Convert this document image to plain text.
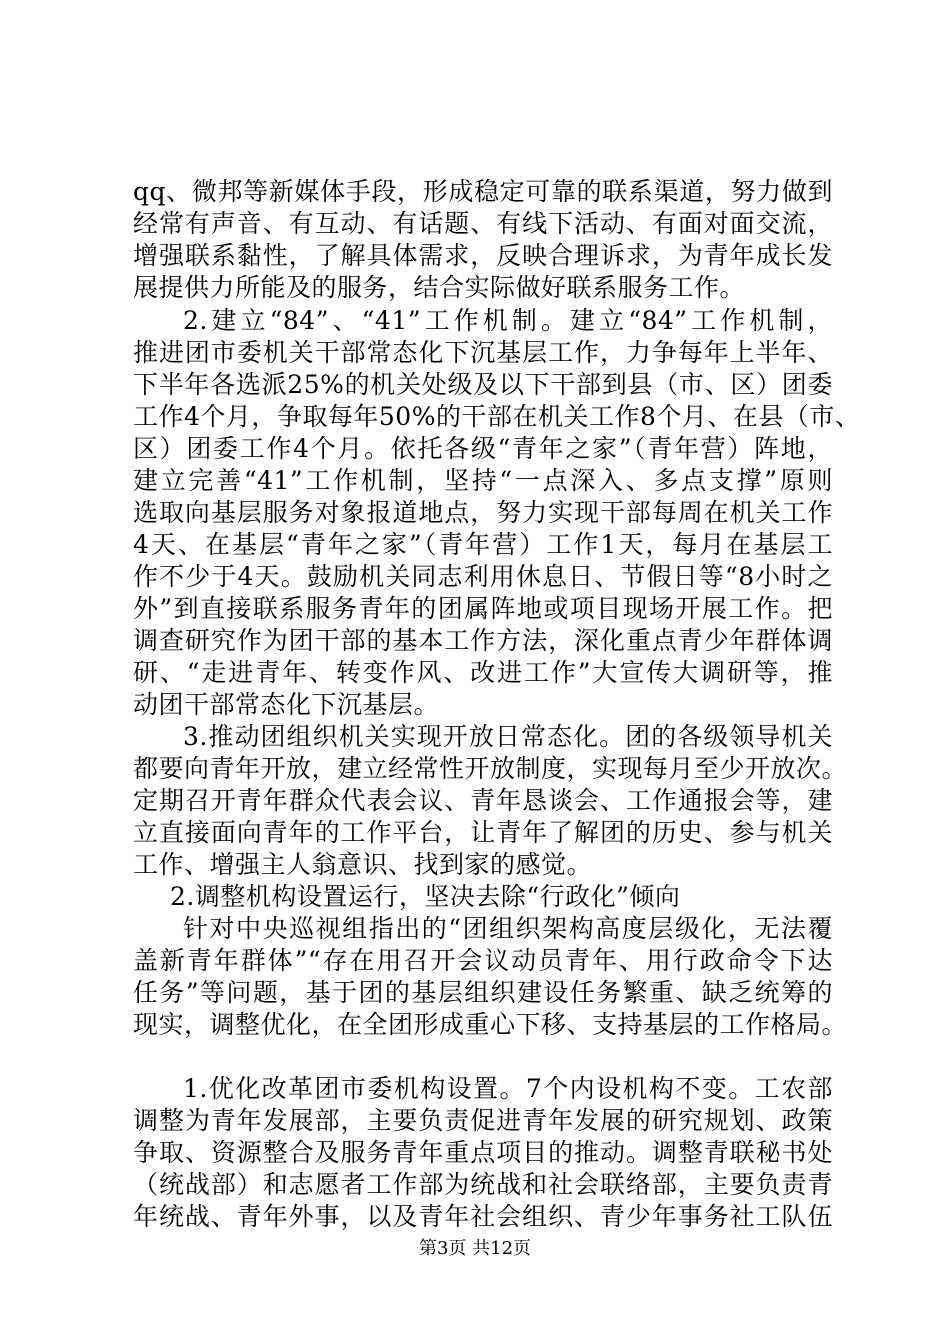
qq、微邦等新媒体手段，形成稳定可靠的联系渠道，努力做到
经常有声音、有互动、有话题、有线下活动、有面对面交流，
增强联系黏性，了解具体需求，反映合理诉求，为青年成长发
展提供力所能及的服务，结合实际做好联系服务工作。
2.建立“84”、“41”工作机制。建立“84”工作机制，
推进团市委机关干部常态化下沉基层工作，力争每年上半年、
下半年各选派25%的机关处级及以下干部到县（市、区）团委
工作4个月，争取每年50%的干部在机关工作8个月、在县（市、
区）团委工作4个月。依托各级“青年之家”（青年营）阵地，
建立完善“41”工作机制，坚持“一点深入、多点支撑”原则
选取向基层服务对象报道地点，努力实现干部每周在机关工作
4天、在基层“青年之家”（青年营）工作1天，每月在基层工
作不少于4天。鼓励机关同志利用休息日、节假日等“8小时之
外”到直接联系服务青年的团属阵地或项目现场开展工作。把
调查研究作为团干部的基本工作方法，深化重点青少年群体调
研、“走进青年、转变作风、改进工作”大宣传大调研等，推
动团干部常态化下沉基层。
3.推动团组织机关实现开放日常态化。团的各级领导机关
都要向青年开放，建立经常性开放制度，实现每月至少开放次。
定期召开青年群众代表会议、青年恳谈会、工作通报会等，建
立直接面向青年的工作平台，让青年了解团的历史、参与机关
工作、增强主人翁意识、找到家的感觉。
2.调整机构设置运行，坚决去除“行政化”倾向
针对中央巡视组指出的“团组织架构高度层级化，无法覆
盖新青年群体”“存在用召开会议动员青年、用行政命令下达
任务”等问题，基于团的基层组织建设任务繁重、缺乏统筹的
现实，调整优化，在全团形成重心下移、支持基层的工作格局。
1.优化改革团市委机构设置。7个内设机构不变。工农部
调整为青年发展部，主要负责促进青年发展的研究规划、政策
争取、资源整合及服务青年重点项目的推动。调整青联秘书处
（统战部）和志愿者工作部为统战和社会联络部，主要负责青
年统战、青年外事，以及青年社会组织、青少年事务社工队伍
第3页 共12页
